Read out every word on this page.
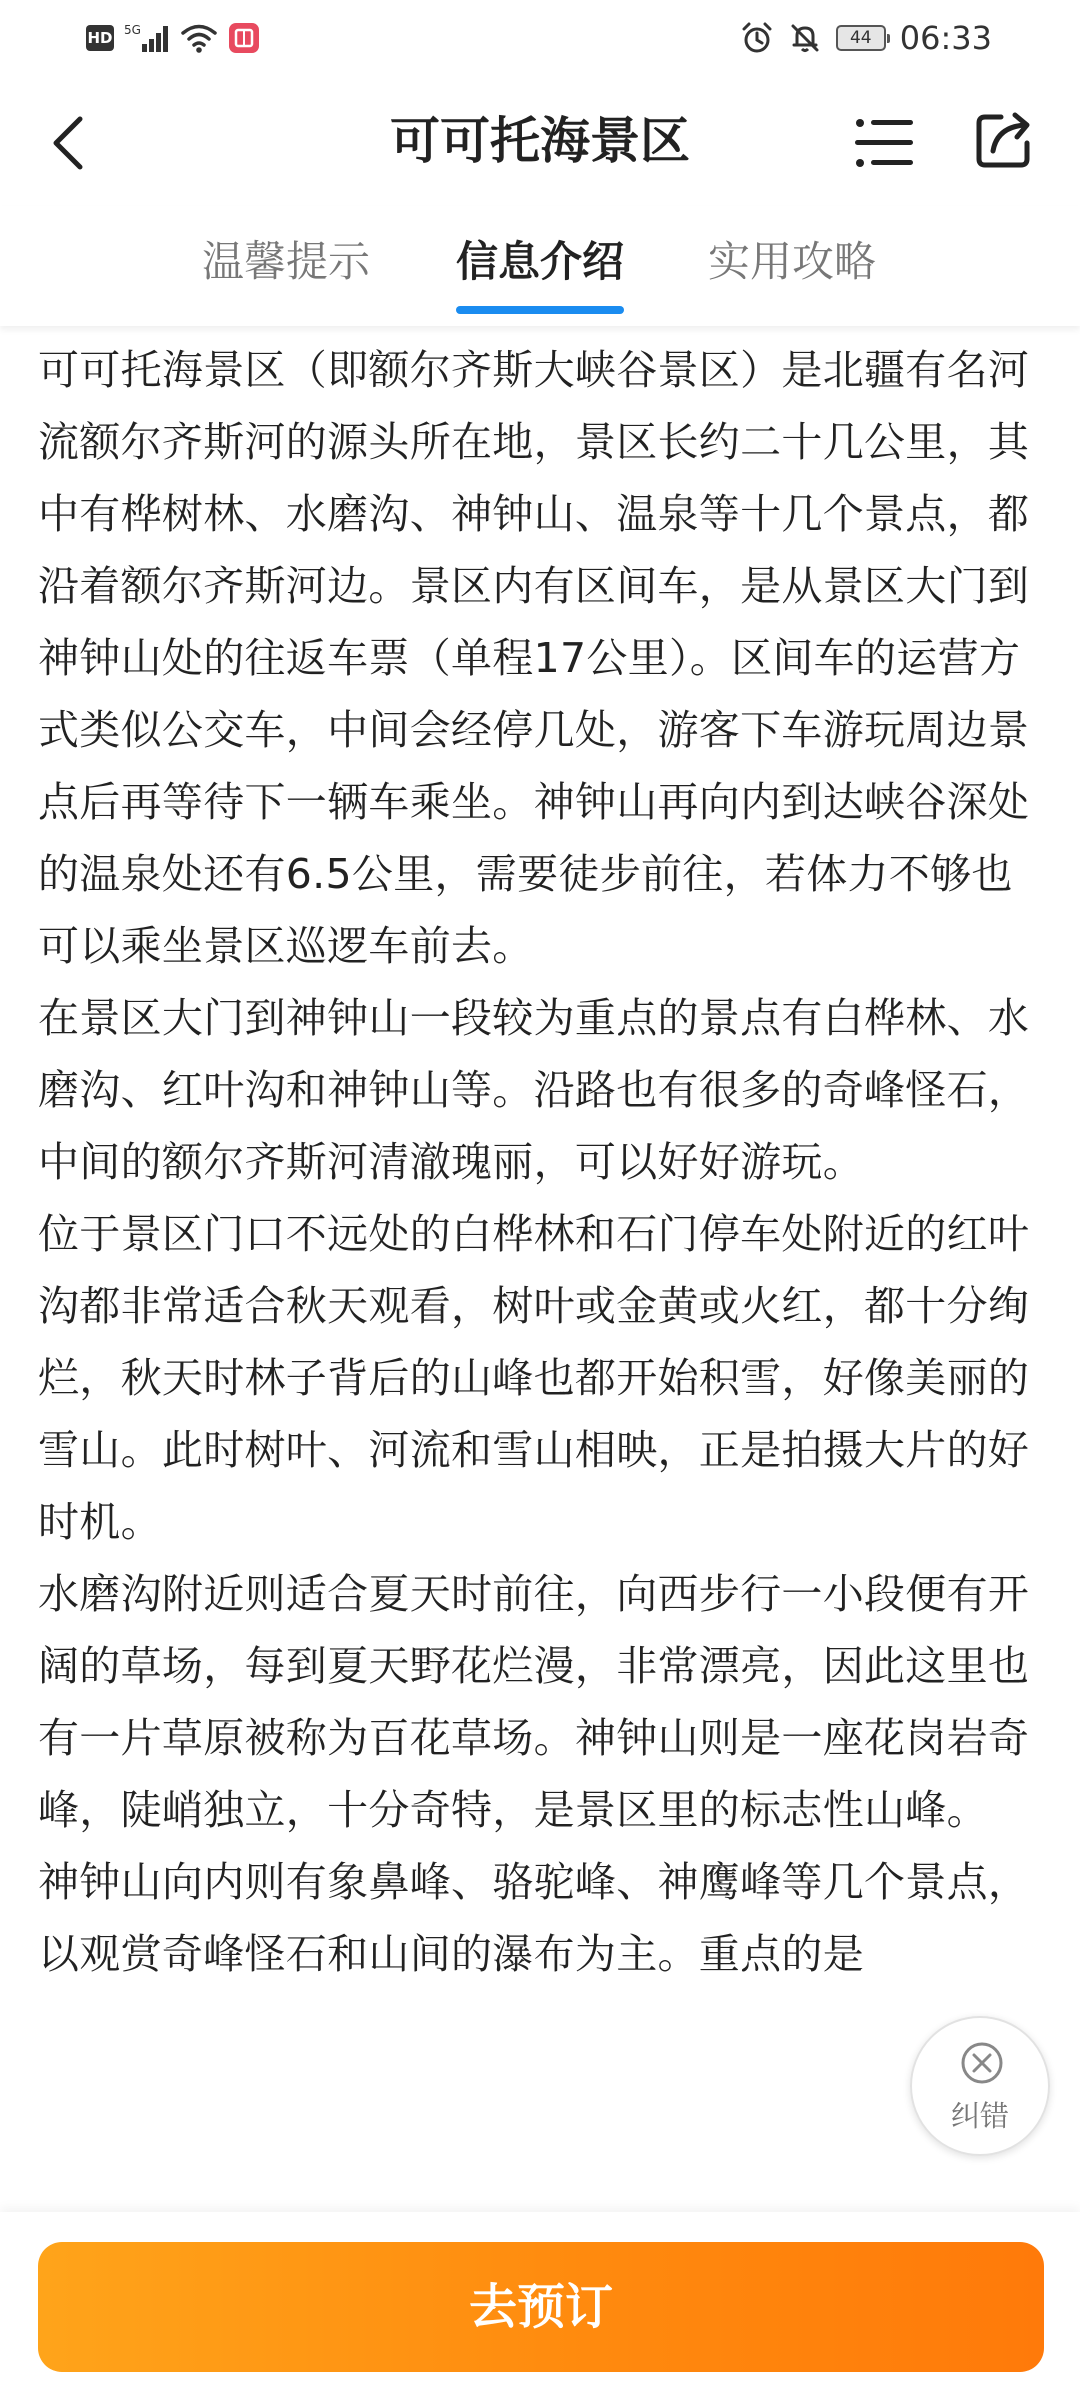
HD 5G	44 06:33
可可托海景区
温馨提示 信息介绍 实用攻略

可可托海景区（即额尔齐斯大峡谷景区）是北疆有名河流额尔齐斯河的源头所在地，景区长约二十几公里，其中有桦树林、水磨沟、神钟山、温泉等十几个景点，都沿着额尔齐斯河边。景区内有区间车，是从景区大门到神钟山处的往返车票（单程17公里）。区间车的运营方式类似公交车，中间会经停几处，游客下车游玩周边景点后再等待下一辆车乘坐。神钟山再向内到达峡谷深处的温泉处还有6.5公里，需要徒步前往，若体力不够也可以乘坐景区巡逻车前去。

在景区大门到神钟山一段较为重点的景点有白桦林、水磨沟、红叶沟和神钟山等。沿路也有很多的奇峰怪石，中间的额尔齐斯河清澈瑰丽，可以好好游玩。

位于景区门口不远处的白桦林和石门停车处附近的红叶沟都非常适合秋天观看，树叶或金黄或火红，都十分绚烂，秋天时林子背后的山峰也都开始积雪，好像美丽的雪山。此时树叶、河流和雪山相映，正是拍摄大片的好时机。

水磨沟附近则适合夏天时前往，向西步行一小段便有开阔的草场，每到夏天野花烂漫，非常漂亮，因此这里也有一片草原被称为百花草场。神钟山则是一座花岗岩奇峰，陡峭独立，十分奇特，是景区里的标志性山峰。

神钟山向内则有象鼻峰、骆驼峰、神鹰峰等几个景点，以观赏奇峰怪石和山间的瀑布为主。重点的是

纠错
去预订
